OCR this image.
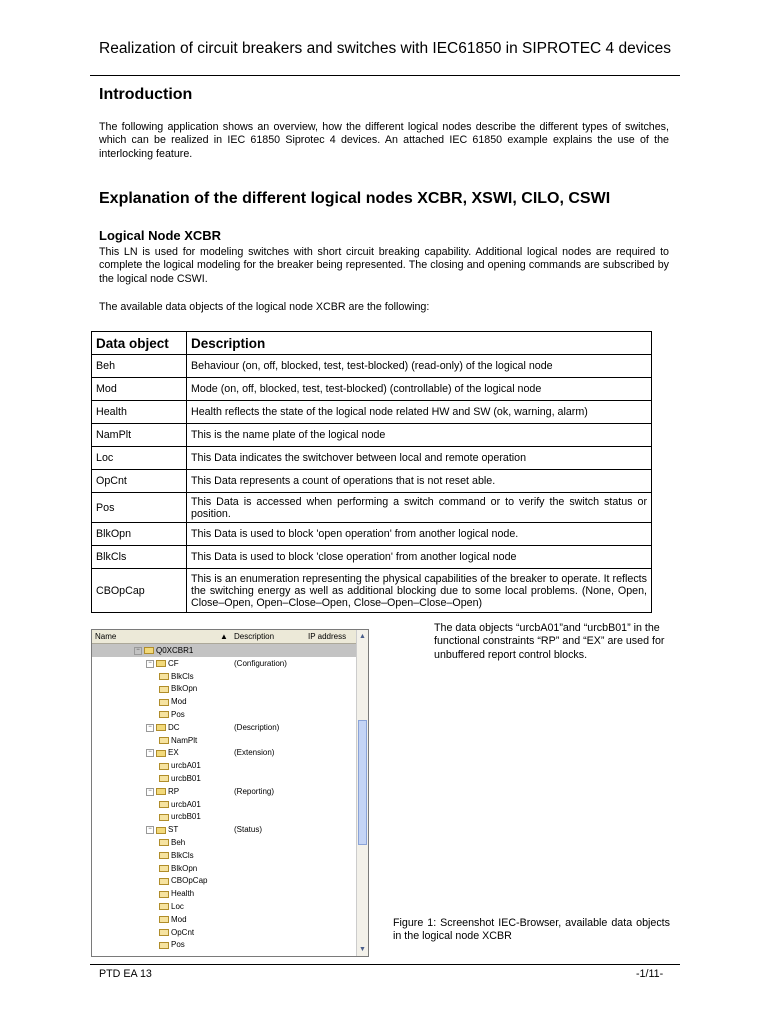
Realization of circuit breakers and switches with IEC61850 in SIPROTEC 4 devices
Introduction
The following application shows an overview, how the different logical nodes describe the different types of switches, which can be realized in IEC 61850 Siprotec 4 devices. An attached IEC 61850 example explains the use of the interlocking feature.
Explanation of the different logical nodes XCBR, XSWI, CILO, CSWI
Logical Node XCBR
This LN is used for modeling switches with short circuit breaking capability. Additional logical nodes are required to complete the logical modeling for the breaker being represented. The closing and opening commands are subscribed by the logical node CSWI.
The available data objects of the logical node XCBR are the following:
Data object	Description
Beh	Behaviour (on, off, blocked, test, test-blocked) (read-only) of the logical node
Mod	Mode (on, off, blocked, test, test-blocked) (controllable) of the logical node
Health	Health reflects the state of the logical node related HW and SW (ok, warning, alarm)
NamPlt	This is the name plate of the logical node
Loc	This Data indicates the switchover between local and remote operation
OpCnt	This Data represents a count of operations that is not reset able.
Pos	This Data is accessed when performing a switch command or to verify the switch status or position.
BlkOpn	This Data is used to block 'open operation' from another logical node.
BlkCls	This Data is used to block 'close operation' from another logical node
CBOpCap	This is an enumeration representing the physical capabilities of the breaker to operate. It reflects the switching energy as well as additional blocking due to some local problems. (None, Open, Close–Open, Open–Close–Open, Close–Open–Close–Open)
Name	▲ Description	IP address
− Q0XCBR1
− CF	(Configuration)
BlkCls
BlkOpn
Mod
Pos
− DC	(Description)
NamPlt
− EX	(Extension)
urcbA01
urcbB01
− RP	(Reporting)
urcbA01
urcbB01
− ST	(Status)
Beh
BlkCls
BlkOpn
CBOpCap
Health
Loc
Mod
OpCnt
Pos
▲
▼
The data objects “urcbA01”and “urcbB01” in the functional constraints “RP” and “EX” are used for unbuffered report control blocks.
Figure 1: Screenshot IEC-Browser, available data objects in the logical node XCBR
PTD EA 13	-1/11-
